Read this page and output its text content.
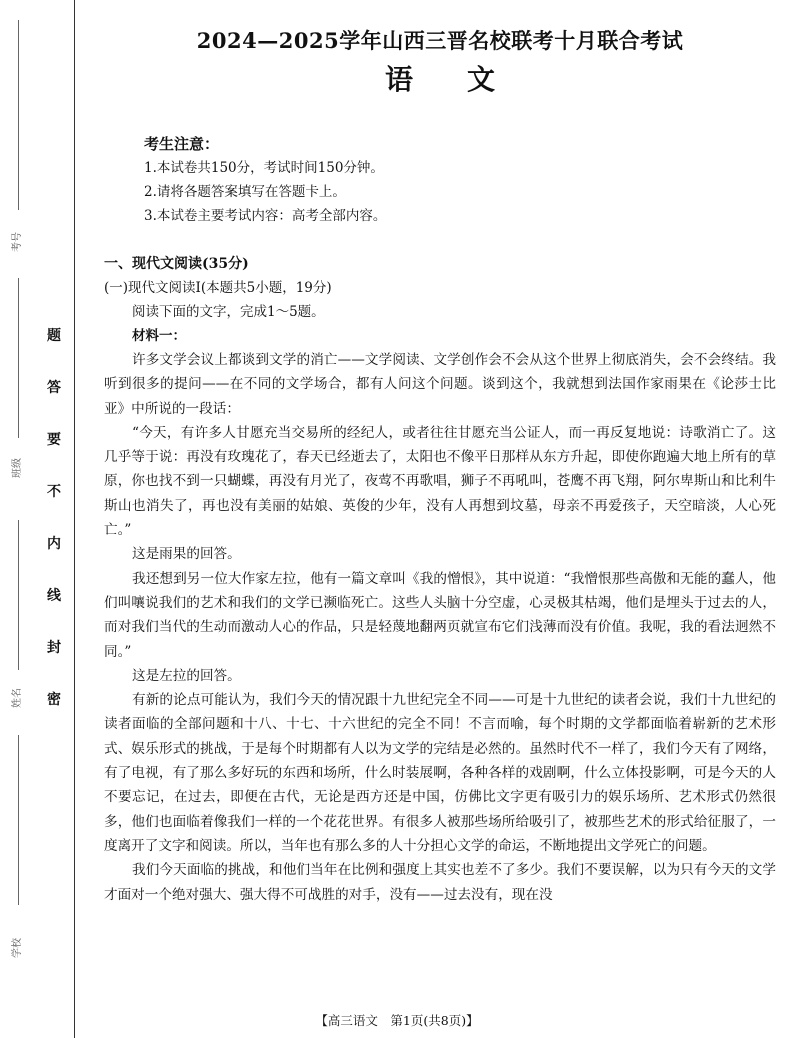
学校
姓名
班级
考号
题
答
要
不
内
线
封
密
2024—2025学年山西三晋名校联考十月联合考试
语文
考生注意：
1.本试卷共150分，考试时间150分钟。
2.请将各题答案填写在答题卡上。
3.本试卷主要考试内容：高考全部内容。
一、现代文阅读(35分)
(一)现代文阅读Ⅰ(本题共5小题，19分)
阅读下面的文字，完成1～5题。
材料一：

许多文学会议上都谈到文学的消亡——文学阅读、文学创作会不会从这个世界上彻底消失，会不会终结。我听到很多的提问——在不同的文学场合，都有人问这个问题。谈到这个，我就想到法国作家雨果在《论莎士比亚》中所说的一段话：

“今天，有许多人甘愿充当交易所的经纪人，或者往往甘愿充当公证人，而一再反复地说：诗歌消亡了。这几乎等于说：再没有玫瑰花了，春天已经逝去了，太阳也不像平日那样从东方升起，即使你跑遍大地上所有的草原，你也找不到一只蝴蝶，再没有月光了，夜莺不再歌唱，狮子不再吼叫，苍鹰不再飞翔，阿尔卑斯山和比利牛斯山也消失了，再也没有美丽的姑娘、英俊的少年，没有人再想到坟墓，母亲不再爱孩子，天空暗淡，人心死亡。”

这是雨果的回答。

我还想到另一位大作家左拉，他有一篇文章叫《我的憎恨》，其中说道：“我憎恨那些高傲和无能的蠢人，他们叫嚷说我们的艺术和我们的文学已濒临死亡。这些人头脑十分空虚，心灵极其枯竭，他们是埋头于过去的人，而对我们当代的生动而激动人心的作品，只是轻蔑地翻两页就宣布它们浅薄而没有价值。我呢，我的看法迥然不同。”

这是左拉的回答。

有新的论点可能认为，我们今天的情况跟十九世纪完全不同——可是十九世纪的读者会说，我们十九世纪的读者面临的全部问题和十八、十七、十六世纪的完全不同！不言而喻，每个时期的文学都面临着崭新的艺术形式、娱乐形式的挑战，于是每个时期都有人以为文学的完结是必然的。虽然时代不一样了，我们今天有了网络，有了电视，有了那么多好玩的东西和场所，什么时装展啊，各种各样的戏剧啊，什么立体投影啊，可是今天的人不要忘记，在过去，即便在古代，无论是西方还是中国，仿佛比文字更有吸引力的娱乐场所、艺术形式仍然很多，他们也面临着像我们一样的一个花花世界。有很多人被那些场所给吸引了，被那些艺术的形式给征服了，一度离开了文字和阅读。所以，当年也有那么多的人十分担心文学的命运，不断地提出文学死亡的问题。

我们今天面临的挑战，和他们当年在比例和强度上其实也差不了多少。我们不要误解，以为只有今天的文学才面对一个绝对强大、强大得不可战胜的对手，没有——过去没有，现在没

【高三语文　第1页(共8页)】
